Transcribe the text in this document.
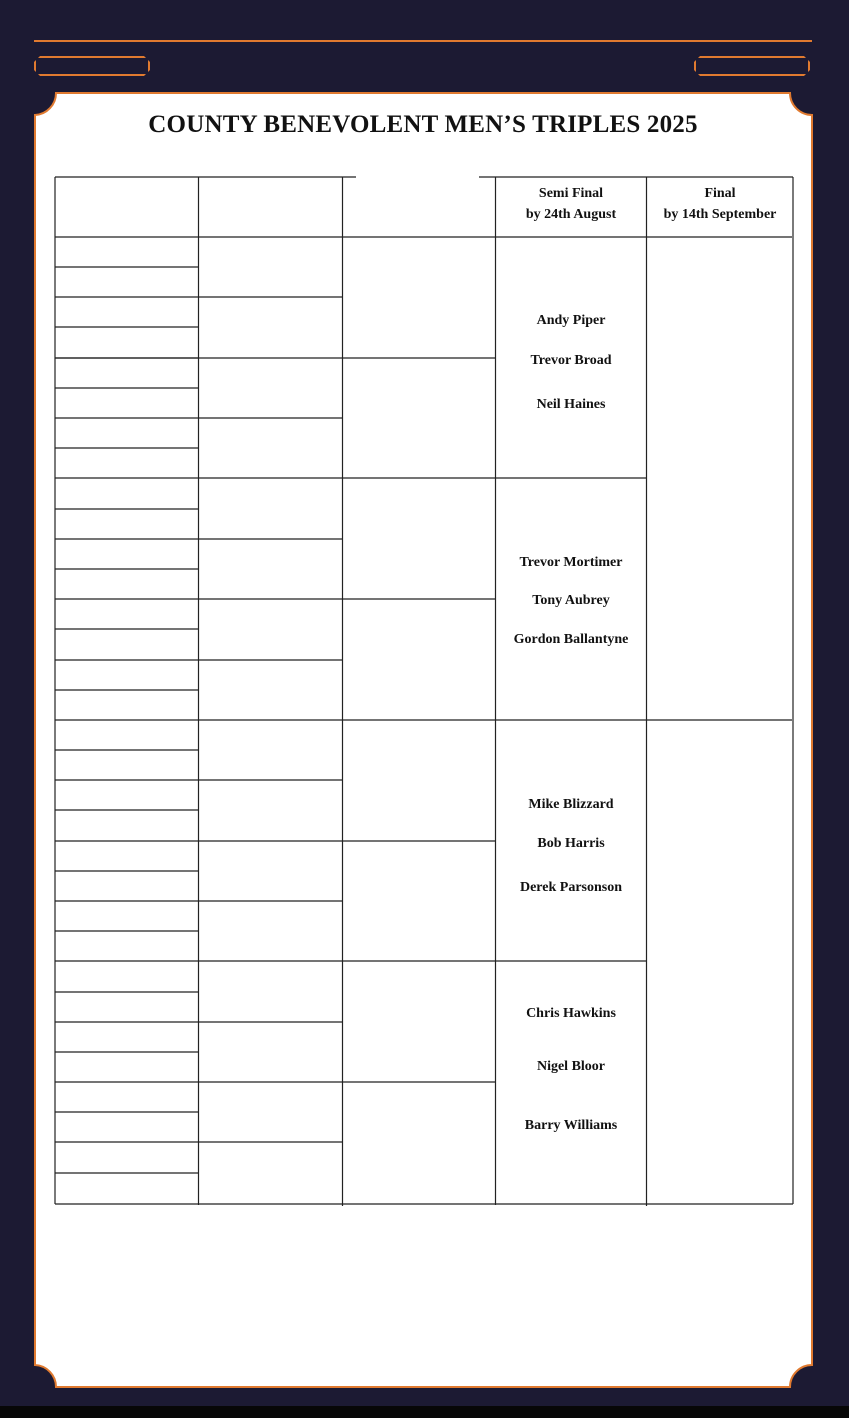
COUNTY BENEVOLENT MEN’S TRIPLES 2025
Semi Final
by 24th August
Final
by 14th September
Andy Piper
Trevor Broad
Neil Haines
Trevor Mortimer
Tony Aubrey
Gordon Ballantyne
Mike Blizzard
Bob Harris
Derek Parsonson
Chris Hawkins
Nigel Bloor
Barry Williams
